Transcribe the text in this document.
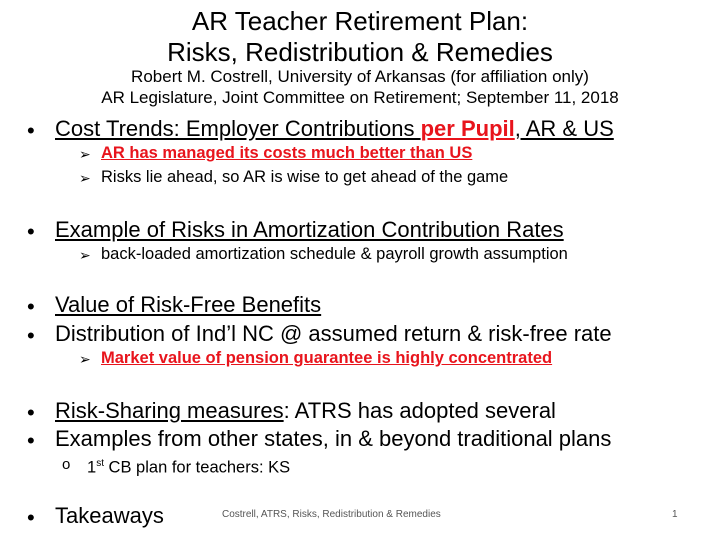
AR Teacher Retirement Plan:
Risks, Redistribution & Remedies
Robert M. Costrell, University of Arkansas (for affiliation only)
AR Legislature, Joint Committee on Retirement; September 11, 2018
• Cost Trends: Employer Contributions per Pupil, AR & US
➢ AR has managed its costs much better than US
➢ Risks lie ahead, so AR is wise to get ahead of the game
• Example of Risks in Amortization Contribution Rates
➢ back-loaded amortization schedule & payroll growth assumption
• Value of Risk-Free Benefits
• Distribution of Ind’l NC @ assumed return & risk-free rate
➢ Market value of pension guarantee is highly concentrated
• Risk-Sharing measures: ATRS has adopted several
• Examples from other states, in & beyond traditional plans
o 1st CB plan for teachers: KS
• Takeaways	Costrell, ATRS, Risks, Redistribution & Remedies	1
